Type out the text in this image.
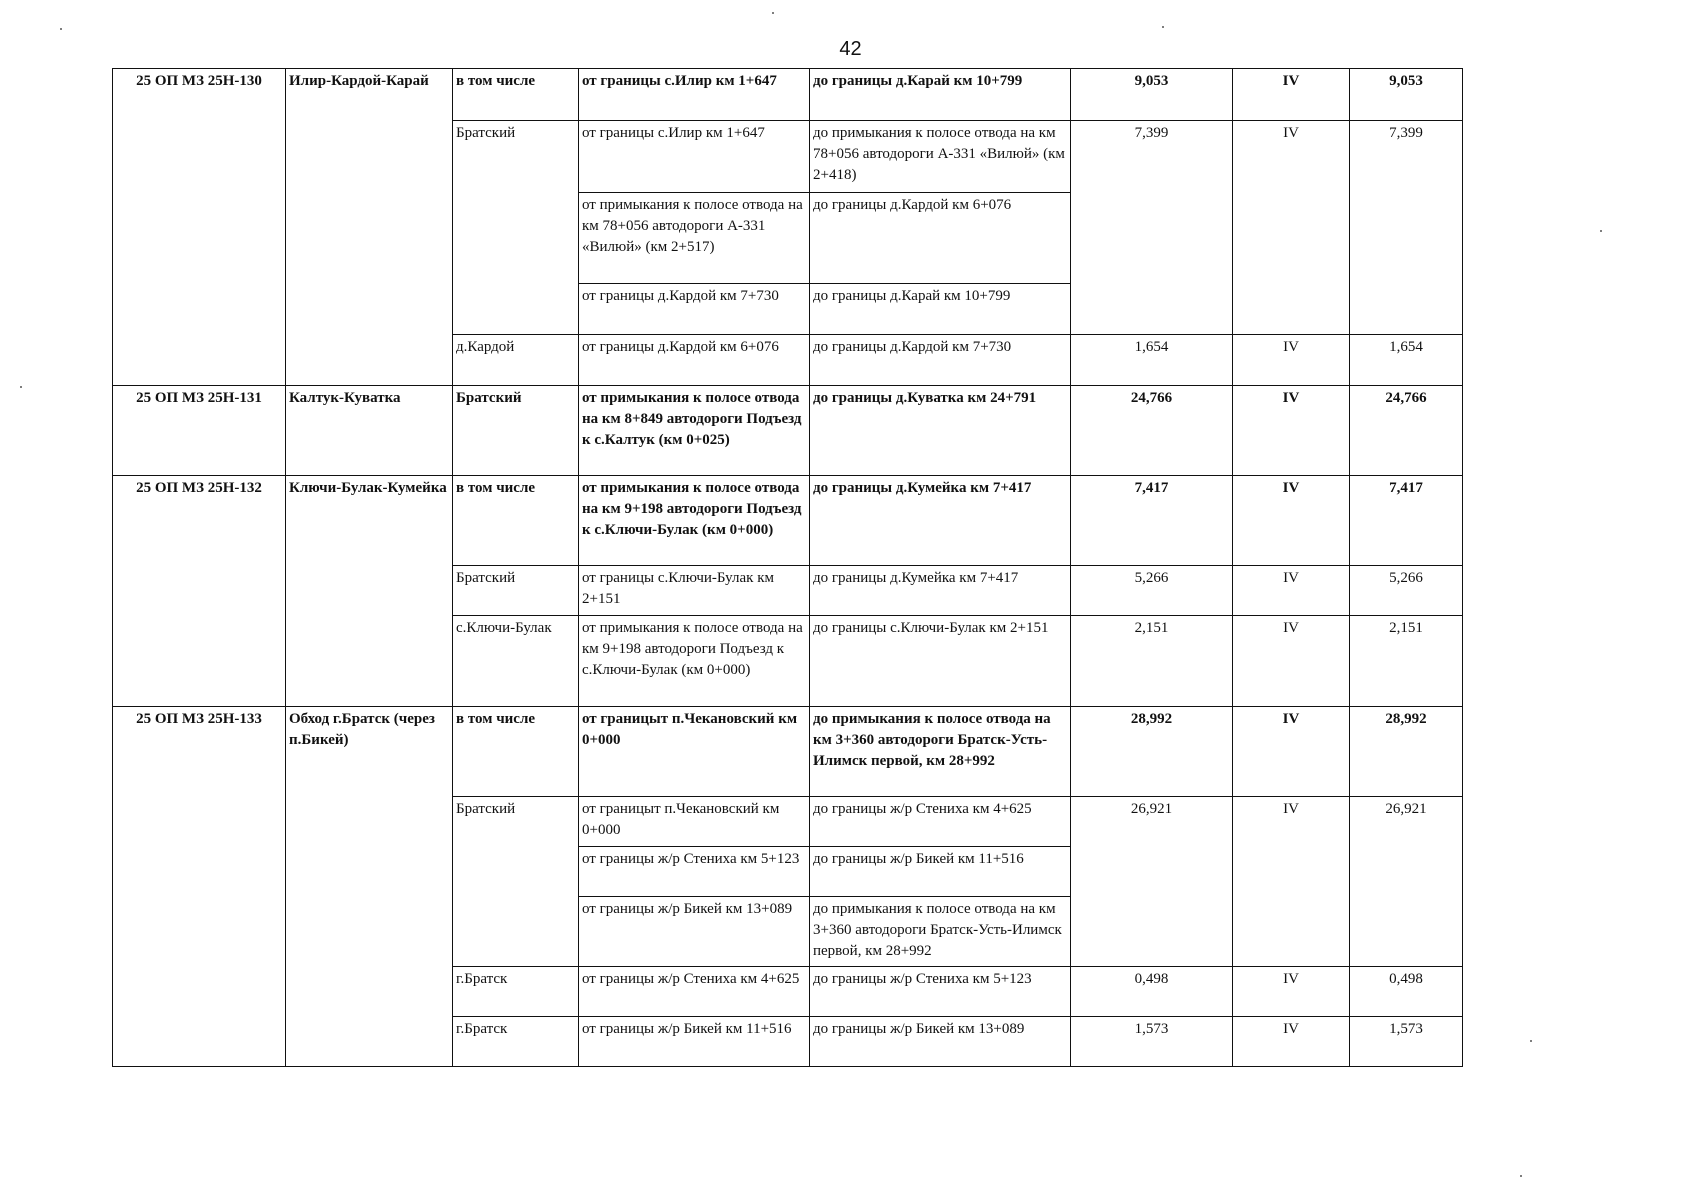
42
25 ОП МЗ 25Н-130	Илир-Кардой-Карай	в том числе	от границы с.Илир км 1+647	до границы д.Карай км 10+799	9,053	IV	9,053
		Братский	от границы с.Илир км 1+647	до примыкания к полосе отвода на км 78+056 автодороги А-331 «Вилюй» (км 2+418)	7,399	IV	7,399
			от примыкания к полосе отвода на км 78+056 автодороги А-331 «Вилюй» (км 2+517)	до границы д.Кардой км 6+076			
			от границы д.Кардой км 7+730	до границы д.Карай км 10+799			
		д.Кардой	от границы д.Кардой км 6+076	до границы д.Кардой км 7+730	1,654	IV	1,654

25 ОП МЗ 25Н-131	Калтук-Куватка	Братский	от примыкания к полосе отвода на км 8+849 автодороги Подъезд к с.Калтук (км 0+025)	до границы д.Куватка км 24+791	24,766	IV	24,766
25 ОП МЗ 25Н-132	Ключи-Булак-Кумейка	в том числе	от примыкания к полосе отвода на км 9+198 автодороги Подъезд к с.Ключи-Булак (км 0+000)	до границы д.Кумейка км 7+417	7,417	IV	7,417
		Братский	от границы с.Ключи-Булак км 2+151	до границы д.Кумейка км 7+417	5,266	IV	5,266
		с.Ключи-Булак	от примыкания к полосе отвода на км 9+198 автодороги Подъезд к с.Ключи-Булак (км 0+000)	до границы с.Ключи-Булак км 2+151	2,151	IV	2,151
25 ОП МЗ 25Н-133	Обход г.Братск (через п.Бикей)	в том числе	от границыт п.Чекановский км 0+000	до примыкания к полосе отвода на км 3+360 автодороги Братск-Усть-Илимск первой, км 28+992	28,992	IV	28,992
		Братский	от границыт п.Чекановский км 0+000	до границы ж/р Стениха км 4+625	26,921	IV	26,921
			от границы ж/р Стениха км 5+123	до границы ж/р Бикей км 11+516			
			от границы ж/р Бикей км 13+089	до примыкания к полосе отвода на км 3+360 автодороги Братск-Усть-Илимск первой, км 28+992			
		г.Братск	от границы ж/р Стениха км 4+625	до границы ж/р Стениха км 5+123	0,498	IV	0,498
		г.Братск	от границы ж/р Бикей км 11+516	до границы ж/р Бикей км 13+089	1,573	IV	1,573
